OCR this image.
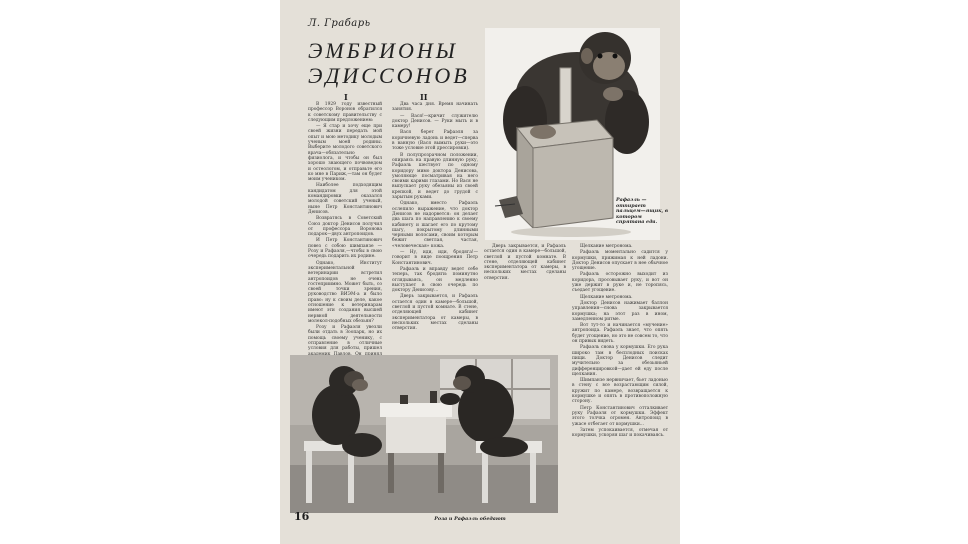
Л. Грабарь
ЭМБРИОНЫ
ЭДИССОНОВ
I	II

В 1929 году известный профессор Воронов обратился к советскому правительству с следующим предложением:

— Я стар и хочу еще при своей жизни передать мой опыт и мою методику молодым ученым моей родины. Выберите молодого советского врача—обязательно физиолога, и чтобы он был хорошо знающего почвоведом и остеологом, и отправьте его ко мне в Париж,—там он будет моим учеником.

Наиболее подходящим кандидатом для этой командировки оказался молодой советский ученый, ныне Петр Константинович Денисов.

Возвратясь в Советский Союз доктор Денисов получил от профессора Воронова подарок—двух антропоидов.

И Петр Константинович повез с собою шимпанзе — Розу и Рафаэля,—чтобы в свою очередь подарить их родине.

Однако, Институт экспериментальной ветеринарии встретил антропоидов не очень гостеприимно. Может быть, со своей точки зрения, руководство ВИЭМ-а и было право: ну к своим деле, какое отношение к ветеринарам имеют эти создания высшей нервной деятельности молекол-подобных обезьян?

Розу и Рафаэля увезли были отдать в Зоопарк, но их помощь своему ученику, с отправление в отличные условия для работы, пришел

Два часа дня. Время начинать занятия.

— Вася!—кричит служителю доктор Денисов. — Руки мыть и в камеру!

Вася берет Рафаэля за коричневую ладонь и ведет—сперва в ванную (Вася вымыть руки—это тоже условие этой дрессировки).

В полупрозрачном положении, опираясь на правую длинную руку, Рафаэль шествует по одному коридору мимо доктора Денисова, умоляюще посматривая на него своими карими глазами. Но Вася не выпускает руку обезьяны из своей крепкой, и ведет до грудой с зарытым руками.

Однако, вместо Рафаэль ослепило выражение, что доктор Денисов не надорвется: он делает два шага по направлению к своему кабинету и шагает его по крутому шагу, покрытому длинными черными волосами, своим которым бежит светлая, частая, «человеческая» кожа.

— Ну, иди, иди, бродяга!—говорит в виде поощрения Петр Константинович.

Рафаэль и вправду ведет себе теперь, так бродяги: поминутно оглядываясь, он медленно выступает в свою очередь по доктору Денисову...

Дверь закрывается, и Рафаэль остается один в камере—большой, светлой и пустой комнате. В стене, отделяющей кабинет экспериментатора от камеры, в нескольких местах сделаны отверстия.

Дверь закрывается, и Рафаэль остается один в камере—большой, светлой и пустой комнате. В стене, отделяющей кабинет экспериментатора от камеры, в нескольких местах сделаны отверстия.

Щелкание метронома.

Рафаэль моментально садится у кормушки, прижимая к ней ладони. Доктор Денисов опускает в нее обычное угощение.

Рафаэль осторожно выходит из коридора, просовывает руку, и вот он уже держит в руке и, не торопясь, съедает угощение.

Щелкание метронома.

Доктор Денисов нажимает баллон управления—снова закрывается кормушка; на этот раз в ином, замедленном ритме.

Вот тут-то и начинается «мучение» антропоида. Рафаэль знает, что опять будет угощение, но это не совсем то, что он привык видеть.

Рафаэль снова у кормушки. Его рука широко там в бесплодных поисках пищи. Доктор Денисов следит мучительно за обезьяньей дифференцировкой—дает ей еду после щелкания.

Шимпанзе нервничает, бьет ладонью в стену с все возрастающим силой, кружит по камере, возвращается к кормушке и опять в противоположную сторону.

Петр Константинович отталкивает руку Рафаэля от кормушки. Эффект этого толчка огромен. Антропоид в ужасе отбегает от кормушки...

Затем успокаивается, отмечая от кормушки, ускоряя шаг и покачиваясь.

Рафаэль — отпирает пальцем—ящик, в котором спрятана еда.
Роза и Рафаэль обедают
16
